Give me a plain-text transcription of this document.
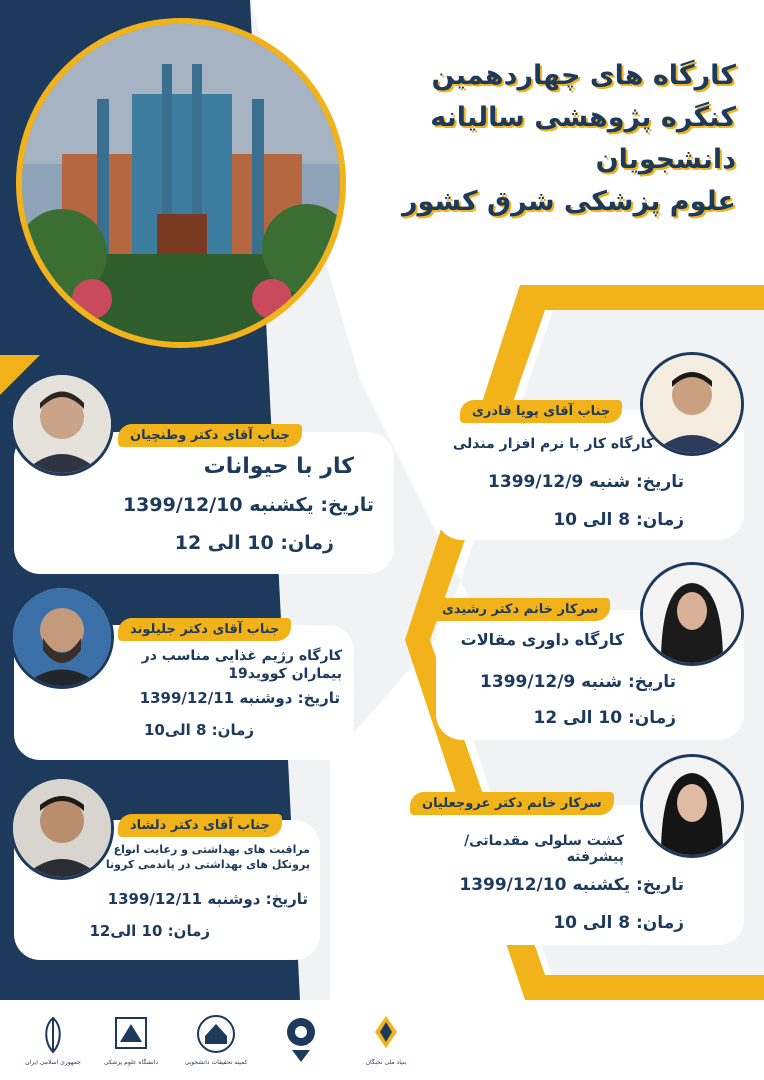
کارگاه های چهاردهمین
کنگره پژوهشی سالیانه دانشجویان
علوم پزشکی شرق کشور
کار با حیوانات
تاریخ: یکشنبه 1399/12/10
زمان: 10 الی 12
جناب آقای دکتر وطنچیان
کارگاه رژیم غذایی مناسب در بیماران کووید19
تاریخ: دوشنبه 1399/12/11
زمان: 8 الی10
جناب آقای دکتر جلیلوند
مراقبت های بهداشتی و رعایت انواع پروتکل های بهداشتی در پاندمی کرونا
تاریخ: دوشنبه 1399/12/11
زمان: 10 الی12
جناب آقای دکتر دلشاد
کارگاه کار با نرم افزار مندلی
تاریخ: شنبه 1399/12/9
زمان: 8 الی 10
جناب آقای پویا قادری
کارگاه داوری مقالات
تاریخ: شنبه 1399/12/9
زمان: 10 الی 12
سرکار خانم دکتر رشیدی
کشت سلولی مقدماتی/پیشرفته
تاریخ: یکشنبه 1399/12/10
زمان: 8 الی 10
سرکار خانم دکتر عروجعلیان
جمهوری اسلامی ایران	دانشگاه علوم پزشکی	کمیته تحقیقات دانشجویی	بنیاد ملی نخبگان
